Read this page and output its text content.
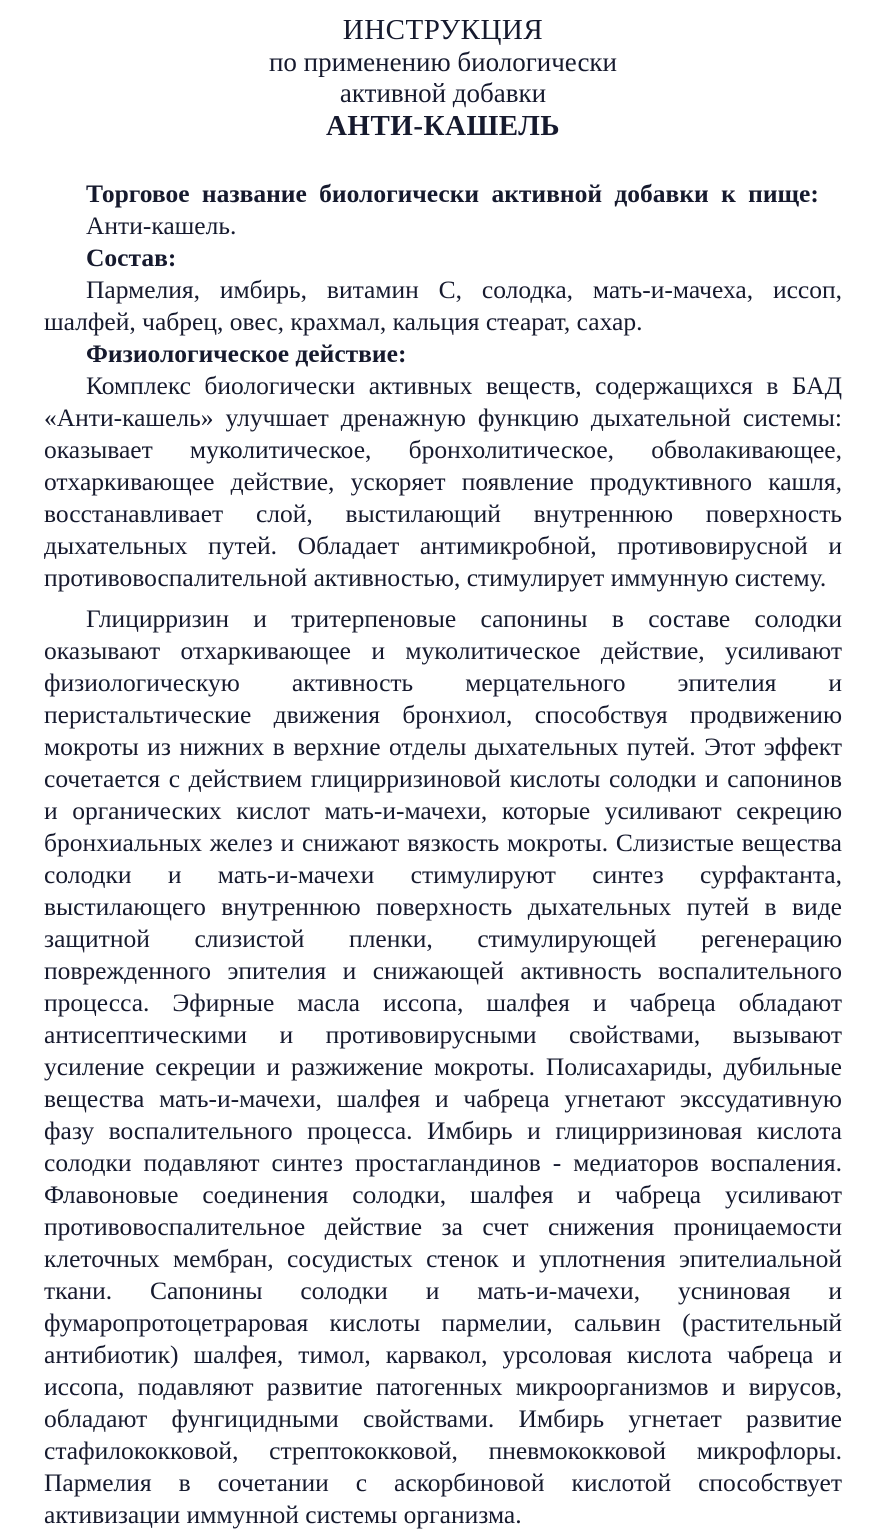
ИНСТРУКЦИЯ
по применению биологически
активной добавки
АНТИ-КАШЕЛЬ

Торговое название биологически активной добавки к пище:

Анти-кашель.

Состав:

Пармелия, имбирь, витамин С, солодка, мать-и-мачеха, иссоп, шалфей, чабрец, овес, крахмал, кальция стеарат, сахар.

Физиологическое действие:

Комплекс биологически активных веществ, содержащихся в БАД «Анти-кашель» улучшает дренажную функцию дыхательной системы: оказывает муколитическое, бронхолитическое, обволакивающее, отхаркивающее действие, ускоряет появление продуктивного кашля, восстанавливает слой, выстилающий внутреннюю поверхность дыхательных путей. Обладает антимикробной, противовирусной и противовоспалительной активностью, стимулирует иммунную систему.

Глицирризин и тритерпеновые сапонины в составе солодки оказывают отхаркивающее и муколитическое действие, усиливают физиологическую активность мерцательного эпителия и перистальтические движения бронхиол, способствуя продвижению мокроты из нижних в верхние отделы дыхательных путей. Этот эффект сочетается с действием глицирризиновой кислоты солодки и сапонинов и органических кислот мать-и-мачехи, которые усиливают секрецию бронхиальных желез и снижают вязкость мокроты. Слизистые вещества солодки и мать-и-мачехи стимулируют синтез сурфактанта, выстилающего внутреннюю поверхность дыхательных путей в виде защитной слизистой пленки, стимулирующей регенерацию поврежденного эпителия и снижающей активность воспалительного процесса. Эфирные масла иссопа, шалфея и чабреца обладают антисептическими и противовирусными свойствами, вызывают усиление секреции и разжижение мокроты. Полисахариды, дубильные вещества мать-и-мачехи, шалфея и чабреца угнетают экссудативную фазу воспалительного процесса. Имбирь и глицирризиновая кислота солодки подавляют синтез простагландинов - медиаторов воспаления. Флавоновые соединения солодки, шалфея и чабреца усиливают противовоспалительное действие за счет снижения проницаемости клеточных мембран, сосудистых стенок и уплотнения эпителиальной ткани. Сапонины солодки и мать-и-мачехи, усниновая и фумаропротоцетраровая кислоты пармелии, сальвин (растительный антибиотик) шалфея, тимол, карвакол, урсоловая кислота чабреца и иссопа, подавляют развитие патогенных микроорганизмов и вирусов, обладают фунгицидными свойствами. Имбирь угнетает развитие стафилококковой, стрептококковой, пневмококковой микрофлоры. Пармелия в сочетании с аскорбиновой кислотой способствует активизации иммунной системы организма.
